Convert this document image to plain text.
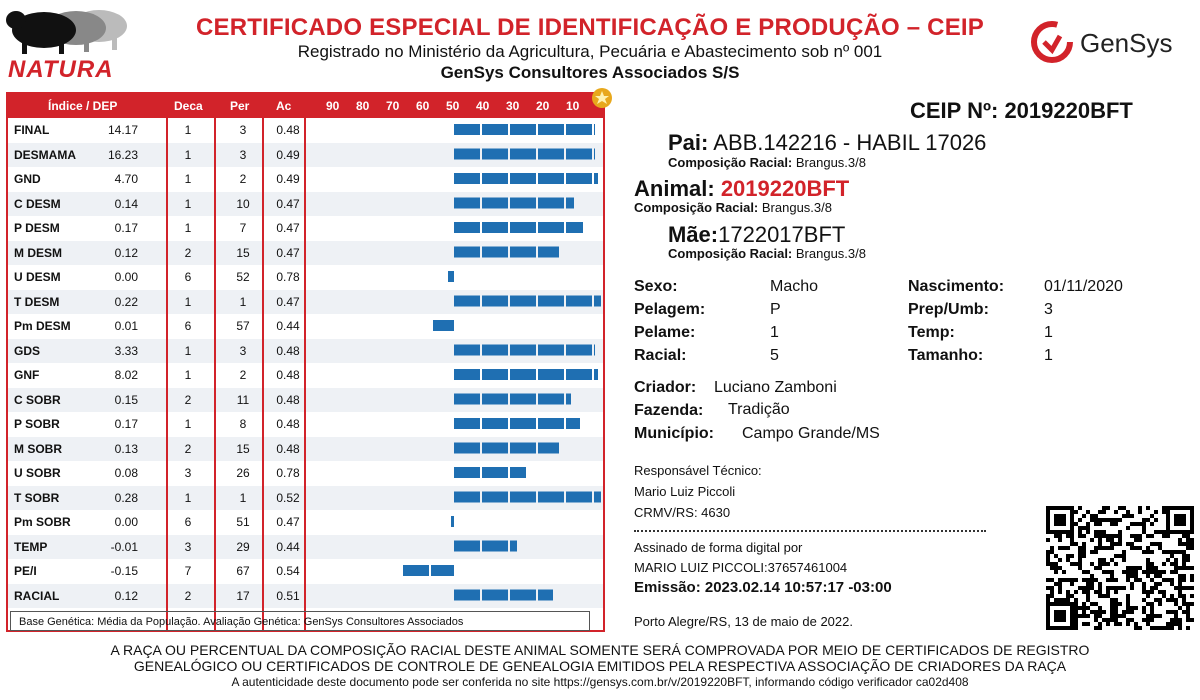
NATURA
CERTIFICADO ESPECIAL DE IDENTIFICAÇÃO E PRODUÇÃO – CEIP
Registrado no Ministério da Agricultura, Pecuária e Abastecimento sob nº 001
GenSys Consultores Associados S/S
GenSys
Índice / DEP	Deca Per Ac	90 80 70 60 50 40 30 20 10
FINAL	14.17	1	3	0.48
DESMAMA	16.23	1	3	0.49
GND	4.70	1	2	0.49
C DESM	0.14	1	10	0.47
P DESM	0.17	1	7	0.47
M DESM	0.12	2	15	0.47
U DESM	0.00	6	52	0.78
T DESM	0.22	1	1	0.47
Pm DESM	0.01	6	57	0.44
GDS	3.33	1	3	0.48
GNF	8.02	1	2	0.48
C SOBR	0.15	2	11	0.48
P SOBR	0.17	1	8	0.48
M SOBR	0.13	2	15	0.48
U SOBR	0.08	3	26	0.78
T SOBR	0.28	1	1	0.52
Pm SOBR	0.00	6	51	0.47
TEMP	-0.01	3	29	0.44
PE/I	-0.15	7	67	0.54
RACIAL	0.12	2	17	0.51
Base Genética: Média da População. Avaliação Genética: GenSys Consultores Associados
CEIP Nº: 2019220BFT
Pai: ABB.142216 - HABIL 17026
Composição Racial: Brangus.3/8
Animal: 2019220BFT
Composição Racial: Brangus.3/8
Mãe:1722017BFT
Composição Racial: Brangus.3/8
Sexo:	Macho
Pelagem:	P
Pelame:	1
Racial:	5
Nascimento: 01/11/2020
Prep/Umb:	3
Temp:	1
Tamanho:	1
Criador: Luciano Zamboni
Fazenda: Tradição
Município: Campo Grande/MS
Responsável Técnico:
Mario Luiz Piccoli
CRMV/RS: 4630
Assinado de forma digital por
MARIO LUIZ PICCOLI:37657461004
Emissão: 2023.02.14 10:57:17 -03:00
Porto Alegre/RS, 13 de maio de 2022.
A RAÇA OU PERCENTUAL DA COMPOSIÇÃO RACIAL DESTE ANIMAL SOMENTE SERÁ COMPROVADA POR MEIO DE CERTIFICADOS DE REGISTRO
GENEALÓGICO OU CERTIFICADOS DE CONTROLE DE GENEALOGIA EMITIDOS PELA RESPECTIVA ASSOCIAÇÃO DE CRIADORES DA RAÇA
A autenticidade deste documento pode ser conferida no site https://gensys.com.br/v/2019220BFT, informando código verificador ca02d408
